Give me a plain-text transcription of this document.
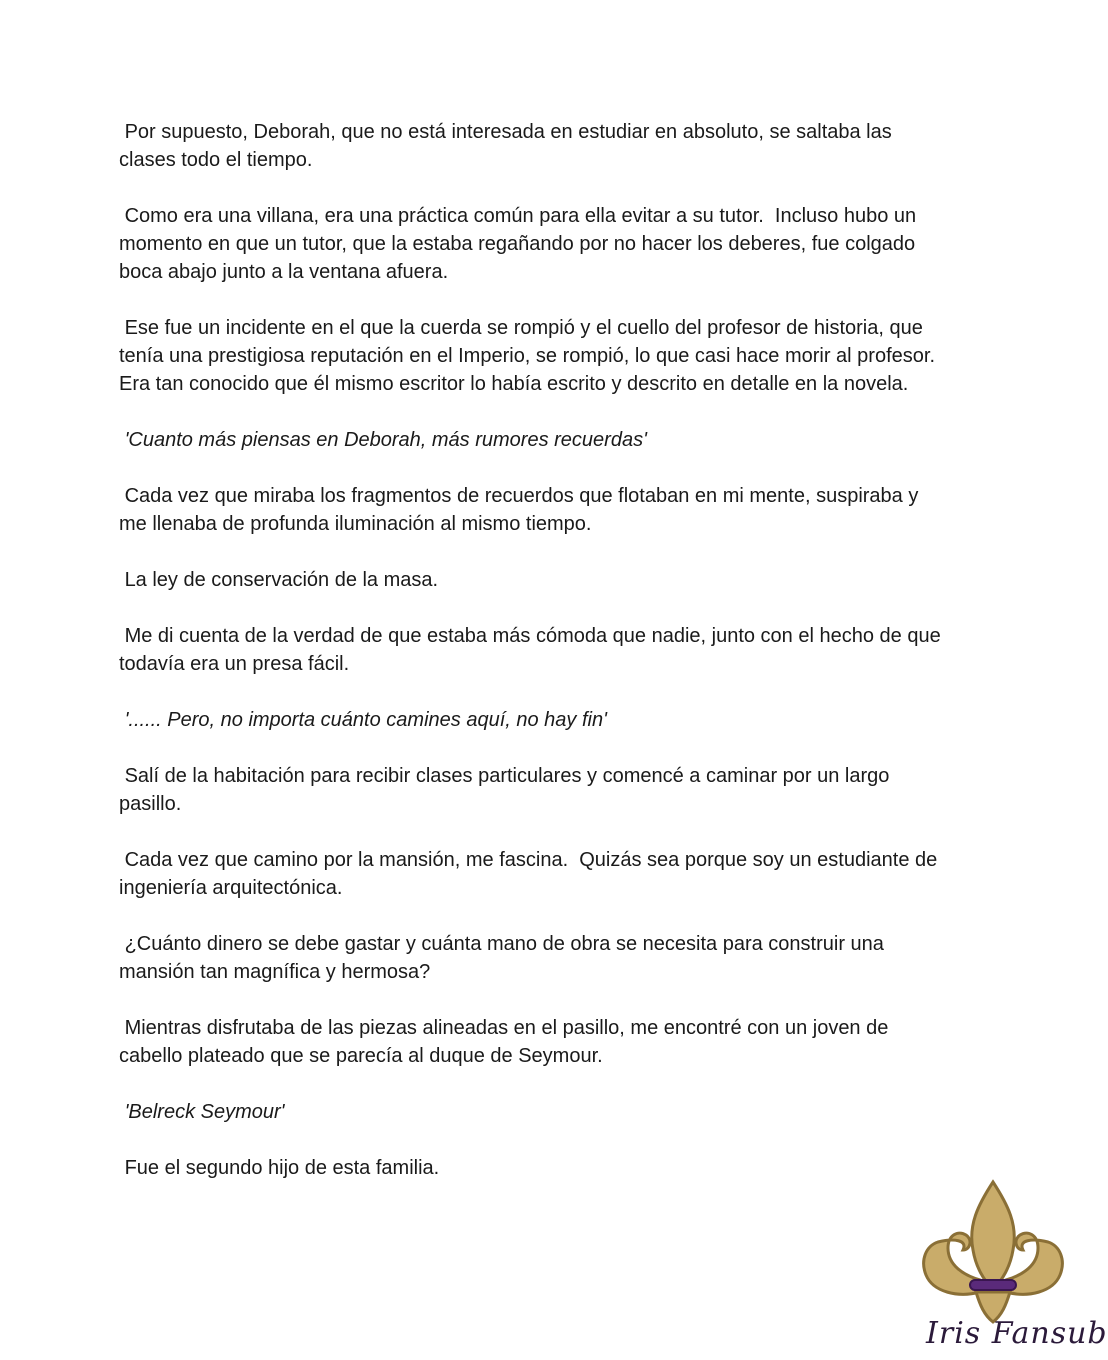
Por supuesto, Deborah, que no está interesada en estudiar en absoluto, se saltaba las clases todo el tiempo.

Como era una villana, era una práctica común para ella evitar a su tutor.  Incluso hubo un momento en que un tutor, que la estaba regañando por no hacer los deberes, fue colgado boca abajo junto a la ventana afuera.

Ese fue un incidente en el que la cuerda se rompió y el cuello del profesor de historia, que tenía una prestigiosa reputación en el Imperio, se rompió, lo que casi hace morir al profesor.  Era tan conocido que él mismo escritor lo había escrito y descrito en detalle en la novela.

'Cuanto más piensas en Deborah, más rumores recuerdas'

Cada vez que miraba los fragmentos de recuerdos que flotaban en mi mente, suspiraba y me llenaba de profunda iluminación al mismo tiempo.

La ley de conservación de la masa.

Me di cuenta de la verdad de que estaba más cómoda que nadie, junto con el hecho de que todavía era un presa fácil.

'...... Pero, no importa cuánto camines aquí, no hay fin'

Salí de la habitación para recibir clases particulares y comencé a caminar por un largo pasillo.

Cada vez que camino por la mansión, me fascina.  Quizás sea porque soy un estudiante de ingeniería arquitectónica.

¿Cuánto dinero se debe gastar y cuánta mano de obra se necesita para construir una mansión tan magnífica y hermosa?

Mientras disfrutaba de las piezas alineadas en el pasillo, me encontré con un joven de cabello plateado que se parecía al duque de Seymour.

'Belreck Seymour'

Fue el segundo hijo de esta familia.

Iris Fansub
